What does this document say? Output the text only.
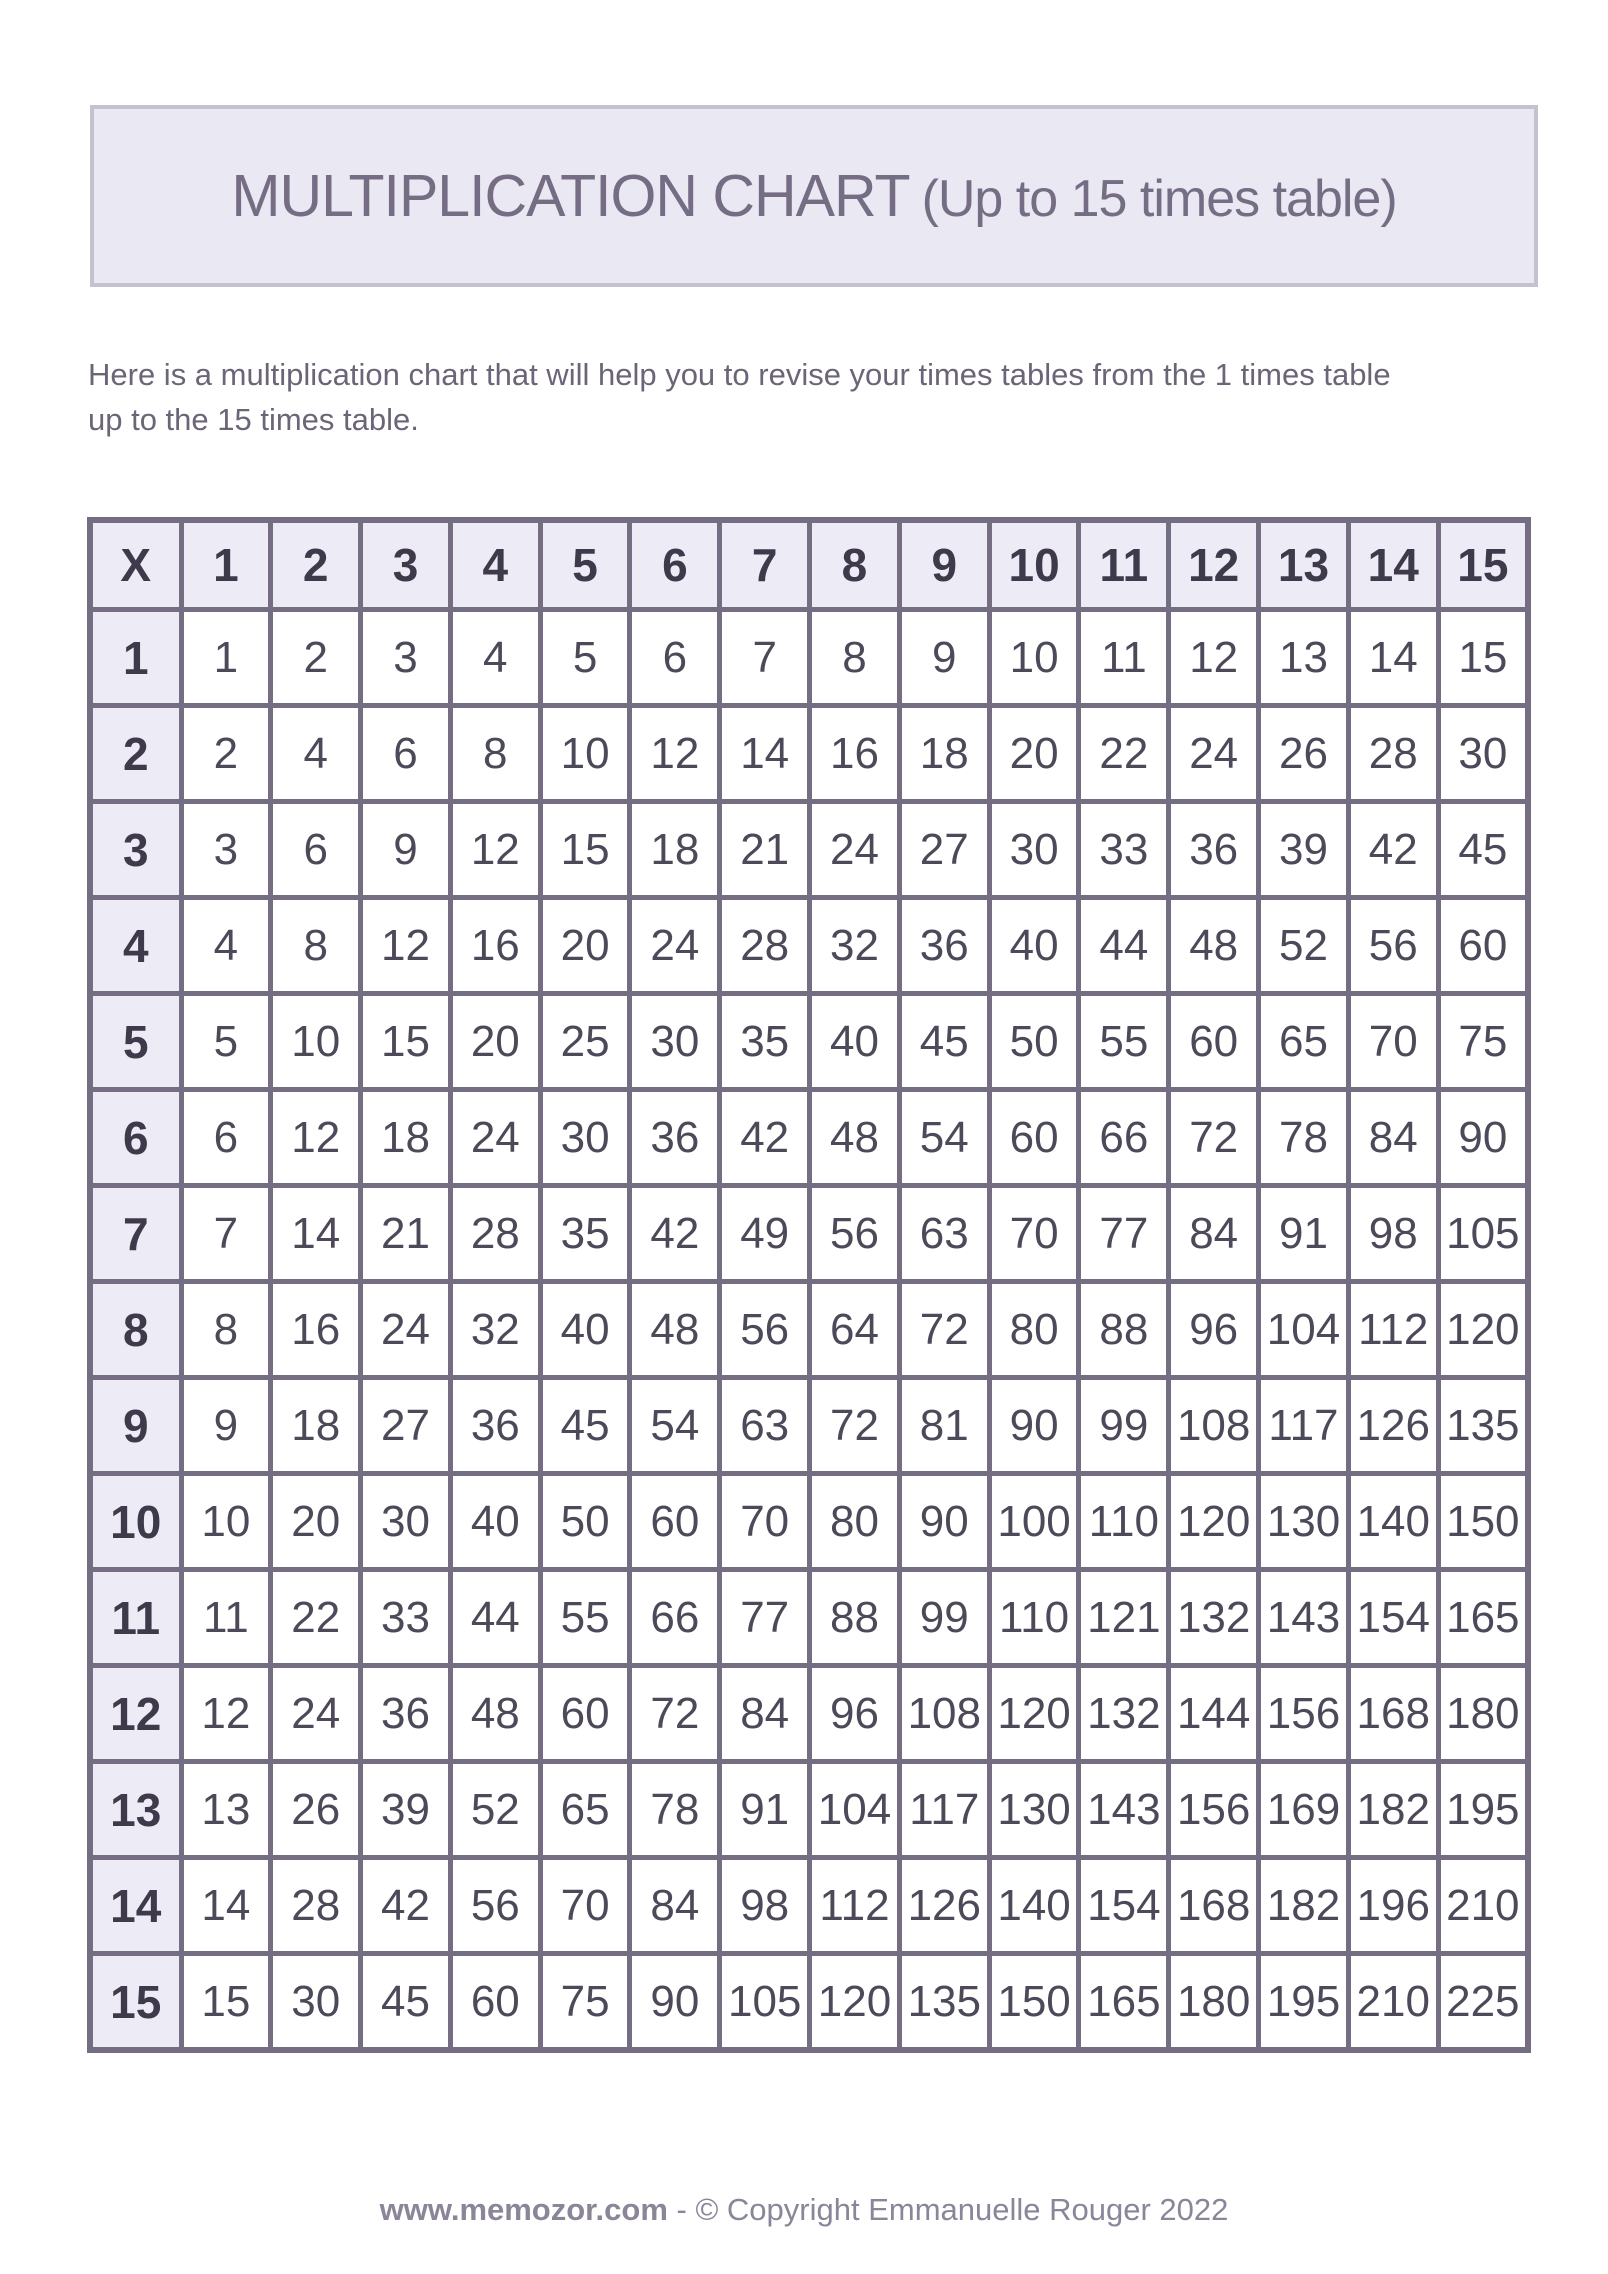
MULTIPLICATION CHART (Up to 15 times table)
Here is a multiplication chart that will help you to revise your times tables from the 1 times table
up to the 15 times table.
X	1	2	3	4	5	6	7	8	9	10	11	12	13	14	15
1	1	2	3	4	5	6	7	8	9	10	11	12	13	14	15
2	2	4	6	8	10	12	14	16	18	20	22	24	26	28	30
3	3	6	9	12	15	18	21	24	27	30	33	36	39	42	45
4	4	8	12	16	20	24	28	32	36	40	44	48	52	56	60
5	5	10	15	20	25	30	35	40	45	50	55	60	65	70	75
6	6	12	18	24	30	36	42	48	54	60	66	72	78	84	90
7	7	14	21	28	35	42	49	56	63	70	77	84	91	98	105
8	8	16	24	32	40	48	56	64	72	80	88	96	104	112	120
9	9	18	27	36	45	54	63	72	81	90	99	108	117	126	135
10	10	20	30	40	50	60	70	80	90	100	110	120	130	140	150
11	11	22	33	44	55	66	77	88	99	110	121	132	143	154	165
12	12	24	36	48	60	72	84	96	108	120	132	144	156	168	180
13	13	26	39	52	65	78	91	104	117	130	143	156	169	182	195
14	14	28	42	56	70	84	98	112	126	140	154	168	182	196	210
15	15	30	45	60	75	90	105	120	135	150	165	180	195	210	225
www.memozor.com - © Copyright Emmanuelle Rouger 2022
